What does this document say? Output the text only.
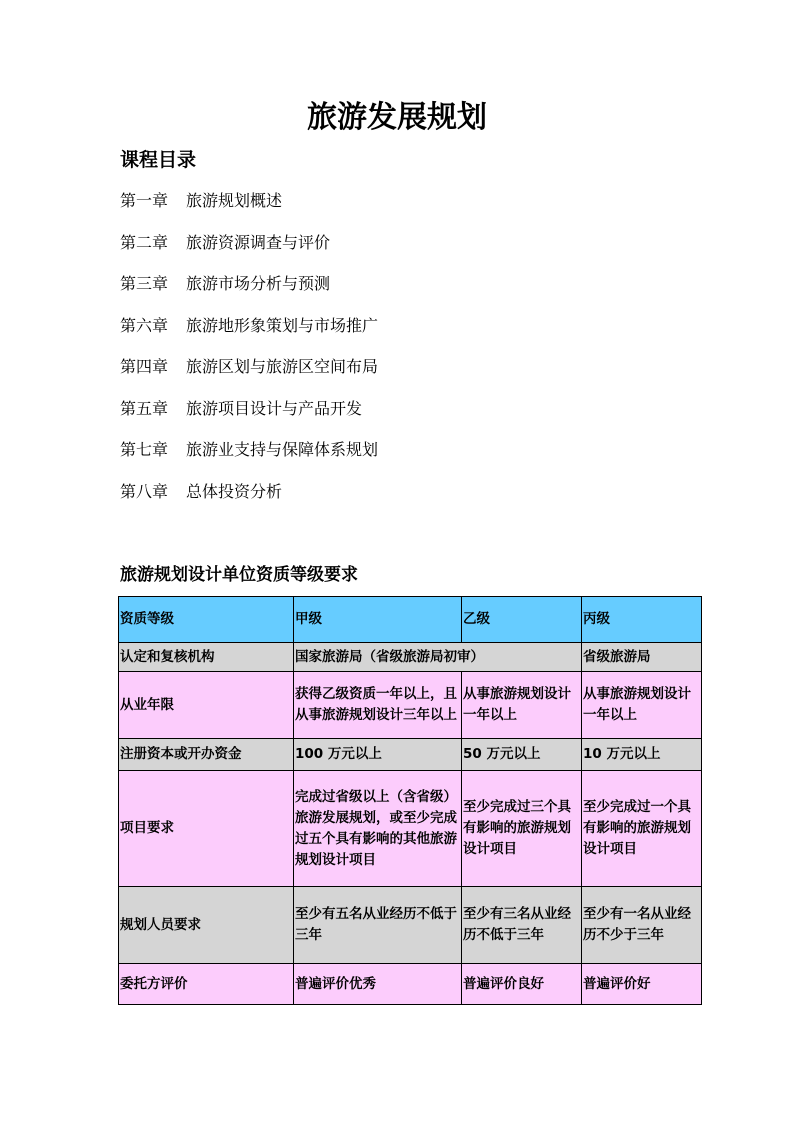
旅游发展规划
课程目录
第一章 旅游规划概述
第二章 旅游资源调查与评价
第三章 旅游市场分析与预测
第六章 旅游地形象策划与市场推广
第四章 旅游区划与旅游区空间布局
第五章 旅游项目设计与产品开发
第七章 旅游业支持与保障体系规划
第八章 总体投资分析
旅游规划设计单位资质等级要求
资质等级	甲级	乙级	丙级
认定和复核机构	国家旅游局（省级旅游局初审）		省级旅游局
从业年限	获得乙级资质一年以上，且从事旅游规划设计三年以上	从事旅游规划设计一年以上	从事旅游规划设计一年以上
注册资本或开办资金	100 万元以上	50 万元以上	10 万元以上
项目要求	完成过省级以上（含省级）旅游发展规划，或至少完成过五个具有影响的其他旅游规划设计项目	至少完成过三个具有影响的旅游规划设计项目	至少完成过一个具有影响的旅游规划设计项目
规划人员要求	至少有五名从业经历不低于三年	至少有三名从业经历不低于三年	至少有一名从业经历不少于三年
委托方评价	普遍评价优秀	普遍评价良好	普遍评价好
